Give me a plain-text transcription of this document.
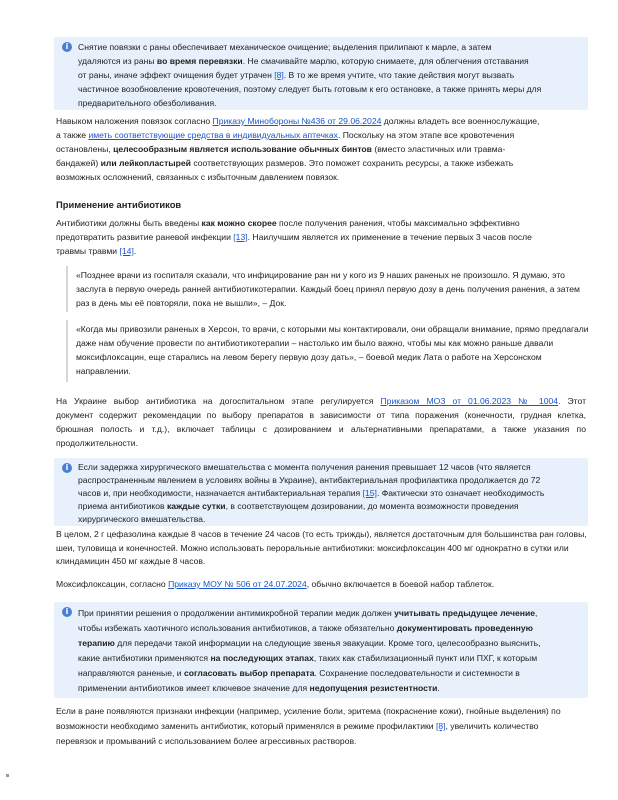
i	Снятие повязки с раны обеспечивает механическое очищение; выделения прилипают к марле, а затем
удаляются из раны во время перевязки. Не смачивайте марлю, которую снимаете, для облегчения отставания
от раны, иначе эффект очищения будет утрачен [8]. В то же время учтите, что такие действия могут вызвать
частичное возобновление кровотечения, поэтому следует быть готовым к его остановке, а также принять меры для
предварительного обезболивания.
Навыком наложения повязок согласно Приказу Минобороны №436 от 29.06.2024 должны владеть все военнослужащие,
а также иметь соответствующие средства в индивидуальных аптечках. Поскольку на этом этапе все кровотечения
остановлены, целесообразным является использование обычных бинтов (вместо эластичных или травма-
бандажей) или лейкопластырей соответствующих размеров. Это поможет сохранить ресурсы, а также избежать
возможных осложнений, связанных с избыточным давлением повязок.
Применение антибиотиков
Антибиотики должны быть введены как можно скорее после получения ранения, чтобы максимально эффективно
предотвратить развитие раневой инфекции [13]. Наилучшим является их применение в течение первых 3 часов после
травмы травми [14].
«Позднее врачи из госпиталя сказали, что инфицирование ран ни у кого из 9 наших раненых не произошло. Я думаю, это
заслуга в первую очередь ранней антибиотикотерапии. Каждый боец принял первую дозу в день получения ранения, а затем
раз в день мы её повторяли, пока не вышли», – Док.
«Когда мы привозили раненых в Херсон, то врачи, с которыми мы контактировали, они обращали внимание, прямо предлагали
даже нам обучение провести по антибиотикотерапии – настолько им было важно, чтобы мы как можно раньше давали
моксифлоксацин, еще старались на левом берегу первую дозу дать», – боевой медик Лата о работе на Херсонском
направлении.
На Украине выбор антибиотика на догоспитальном этапе регулируется Приказом МОЗ от 01.06.2023 № 1004. Этот
документ содержит рекомендации по выбору препаратов в зависимости от типа поражения (конечности, грудная клетка,
брюшная полость и т.д.), включает таблицы с дозированием и альтернативными препаратами, а также указания по
продолжительности.
i	Если задержка хирургического вмешательства с момента получения ранения превышает 12 часов (что является
распространенным явлением в условиях войны в Украине), антибактериальная профилактика продолжается до 72
часов и, при необходимости, назначается антибактериальная терапия [15]. Фактически это означает необходимость
приема антибиотиков каждые сутки, в соответствующем дозировании, до момента возможности проведения
хирургического вмешательства.
В целом, 2 г цефазолина каждые 8 часов в течение 24 часов (то есть трижды), является достаточным для большинства ран головы,
шеи, туловища и конечностей. Можно использовать пероральные антибиотики: моксифлоксацин 400 мг однократно в сутки или
клиндамицин 450 мг каждые 8 часов.
Моксифлоксацин, согласно Приказу МОУ № 506 от 24.07.2024, обычно включается в боевой набор таблеток.
i	При принятии решения о продолжении антимикробной терапии медик должен учитывать предыдущее лечение,
чтобы избежать хаотичного использования антибиотиков, а также обязательно документировать проведенную
терапию для передачи такой информации на следующие звенья эвакуации. Кроме того, целесообразно выяснить,
какие антибиотики применяются на последующих этапах, таких как стабилизационный пункт или ПХГ, к которым
направляются раненые, и согласовать выбор препарата. Сохранение последовательности и системности в
применении антибиотиков имеет ключевое значение для недопущения резистентности.
Если в ране появляются признаки инфекции (например, усиление боли, эритема (покраснение кожи), гнойные выделения) по
возможности необходимо заменить антибиотик, который применялся в режиме профилактики [8], увеличить количество
перевязок и промываний с использованием более агрессивных растворов.
